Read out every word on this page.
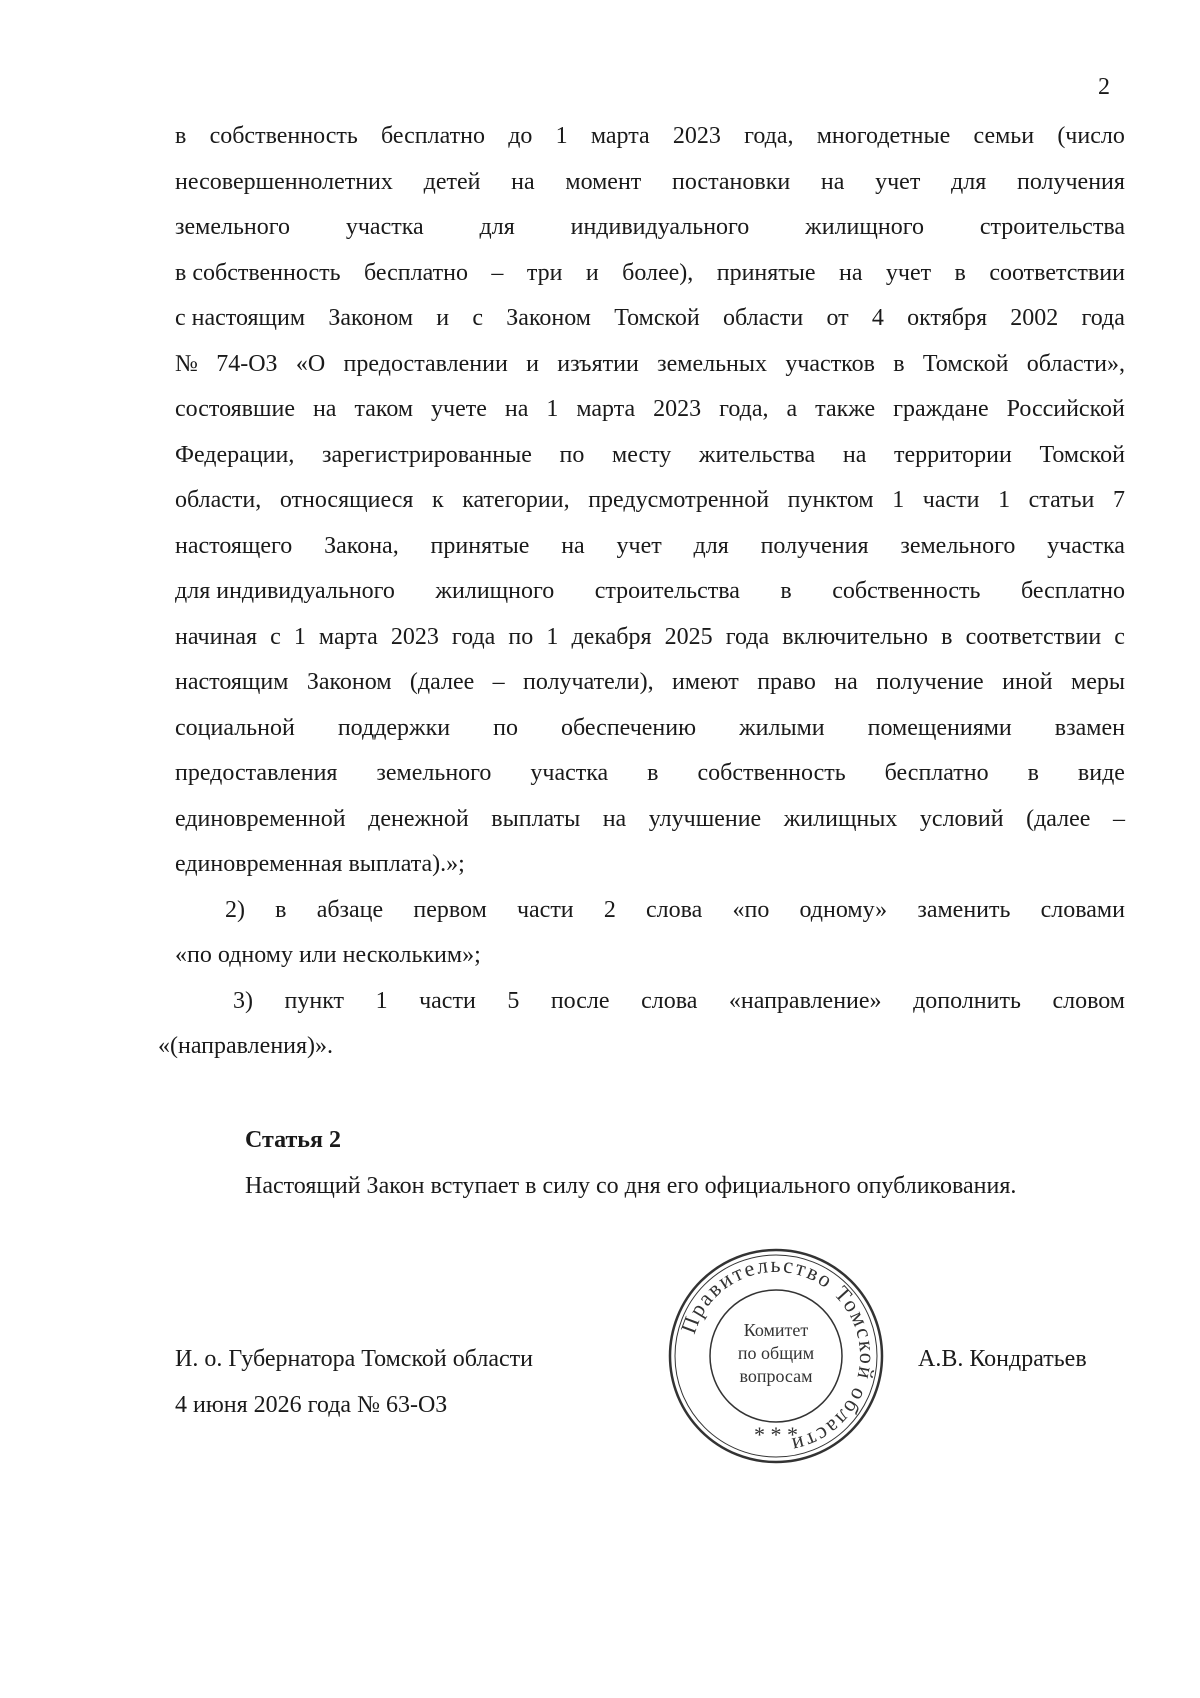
2
в собственность бесплатно до 1 марта 2023 года, многодетные семьи (число
несовершеннолетних детей на момент постановки на учет для получения
земельного участка для индивидуального жилищного строительства
в собственность бесплатно – три и более), принятые на учет в соответствии
с настоящим Законом и с Законом Томской области от 4 октября 2002 года
№ 74-ОЗ «О предоставлении и изъятии земельных участков в Томской области»,
состоявшие на таком учете на 1 марта 2023 года, а также граждане Российской
Федерации, зарегистрированные по месту жительства на территории Томской
области, относящиеся к категории, предусмотренной пунктом 1 части 1 статьи 7
настоящего Закона, принятые на учет для получения земельного участка
для индивидуального жилищного строительства в собственность бесплатно
начиная с 1 марта 2023 года по 1 декабря 2025 года включительно в соответствии с
настоящим Законом (далее – получатели), имеют право на получение иной меры
социальной поддержки по обеспечению жилыми помещениями взамен
предоставления земельного участка в собственность бесплатно в виде
единовременной денежной выплаты на улучшение жилищных условий (далее –
единовременная выплата).»;
2) в абзаце первом части 2 слова «по одному» заменить словами
«по одному или нескольким»;
3) пункт 1 части 5 после слова «направление» дополнить словом
«(направления)».
Статья 2
Настоящий Закон вступает в силу со дня его официального опубликования.
И. о. Губернатора Томской области
4 июня 2026 года № 63-ОЗ
А.В. Кондратьев
Правительство Томской области
Комитет
по общим
вопросам
* * *
